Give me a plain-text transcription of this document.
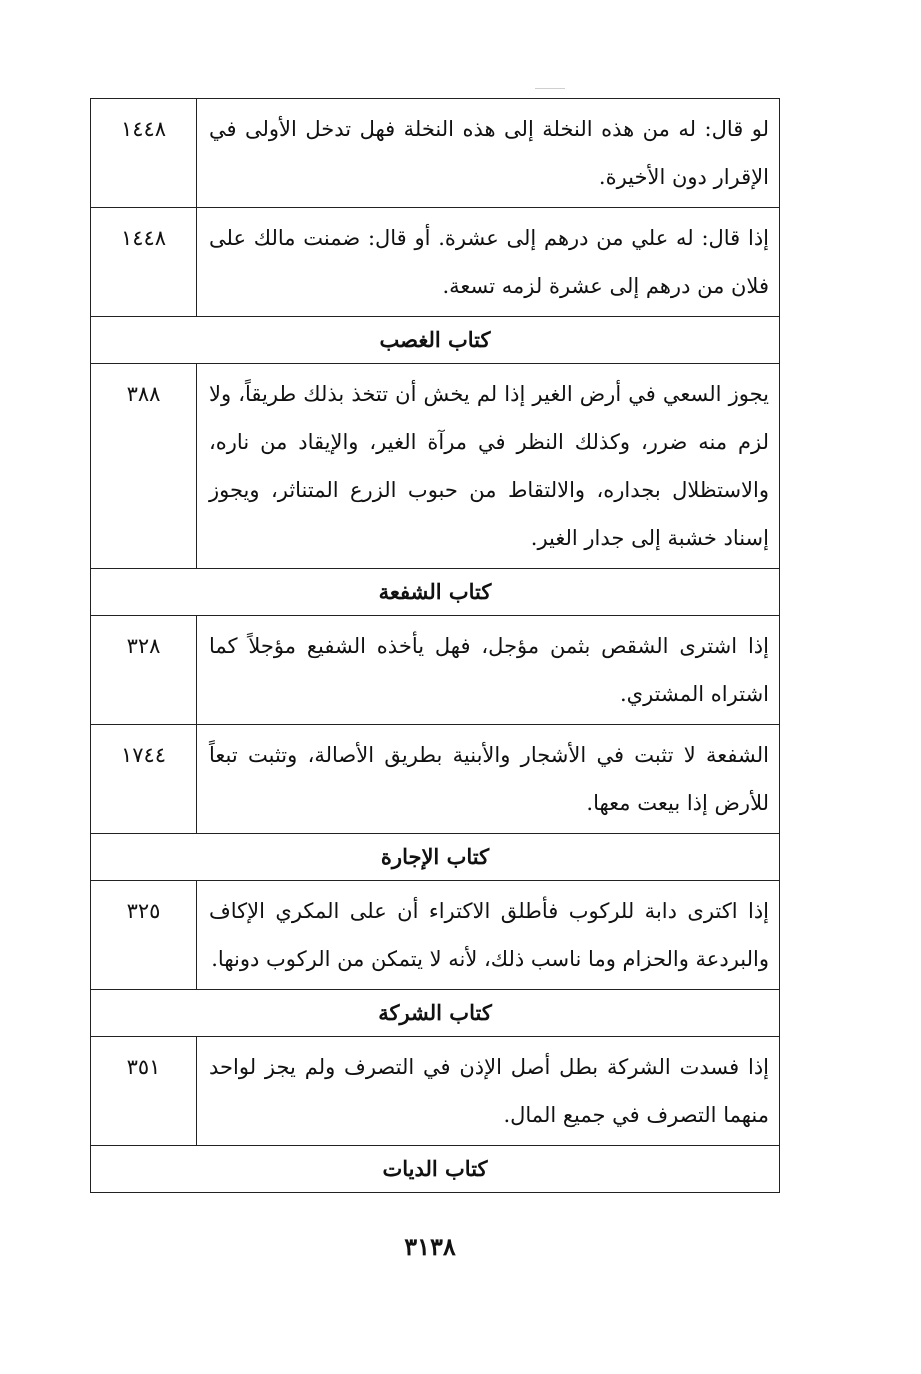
لو قال: له من هذه النخلة إلى هذه النخلة فهل تدخل الأولى في الإقرار دون الأخيرة.	١٤٤٨
إذا قال: له علي من درهم إلى عشرة. أو قال: ضمنت مالك على فلان من درهم إلى عشرة لزمه تسعة.	١٤٤٨
كتاب الغصب	
يجوز السعي في أرض الغير إذا لم يخش أن تتخذ بذلك طريقاً، ولا لزم منه ضرر، وكذلك النظر في مرآة الغير، والإيقاد من ناره، والاستظلال بجداره، والالتقاط من حبوب الزرع المتناثر، ويجوز إسناد خشبة إلى جدار الغير.	٣٨٨
كتاب الشفعة	
إذا اشترى الشقص بثمن مؤجل، فهل يأخذه الشفيع مؤجلاً كما اشتراه المشتري.	٣٢٨
الشفعة لا تثبت في الأشجار والأبنية بطريق الأصالة، وتثبت تبعاً للأرض إذا بيعت معها.	١٧٤٤
كتاب الإجارة	
إذا اكترى دابة للركوب فأطلق الاكتراء أن على المكري الإكاف والبردعة والحزام وما ناسب ذلك، لأنه لا يتمكن من الركوب دونها.	٣٢٥
كتاب الشركة	
إذا فسدت الشركة بطل أصل الإذن في التصرف ولم يجز لواحد منهما التصرف في جميع المال.	٣٥١
كتاب الديات	
٣١٣٨
